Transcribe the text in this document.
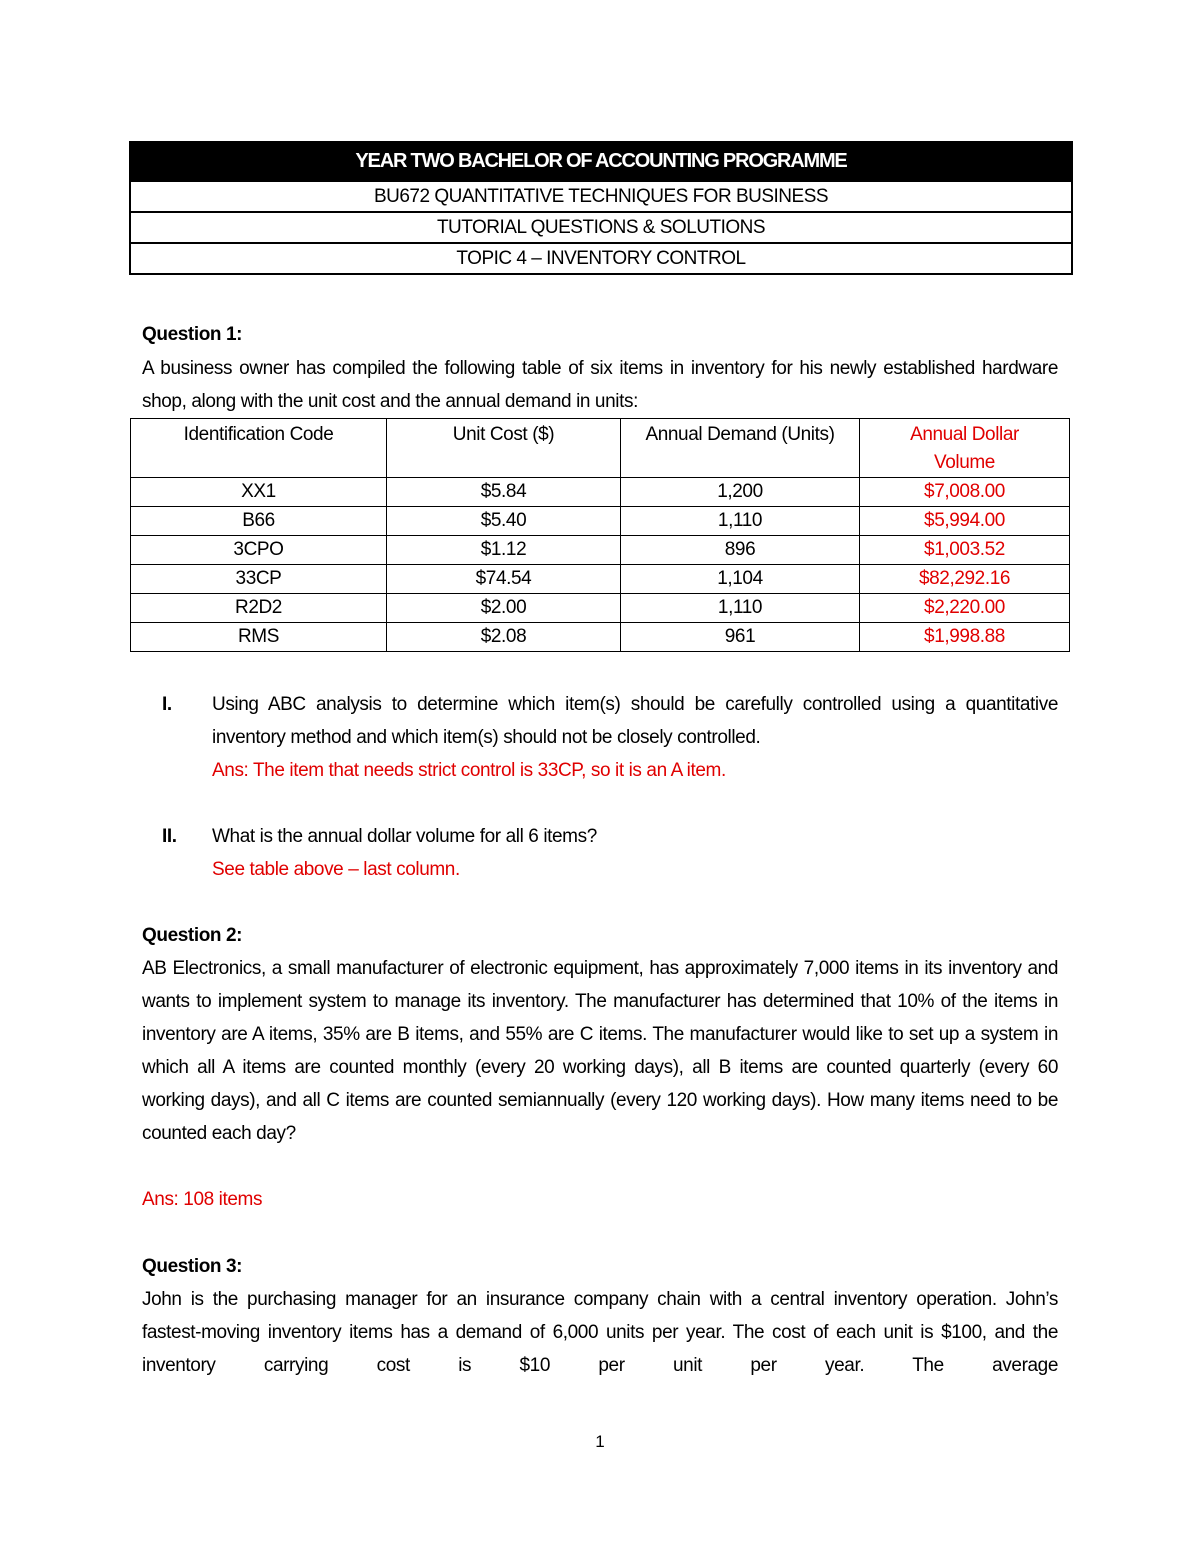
YEAR TWO BACHELOR OF ACCOUNTING PROGRAMME
BU672 QUANTITATIVE TECHNIQUES FOR BUSINESS
TUTORIAL QUESTIONS & SOLUTIONS
TOPIC 4 – INVENTORY CONTROL
Question 1:
A business owner has compiled the following table of six items in inventory for his newly established hardware shop, along with the unit cost and the annual demand in units:
Identification Code	Unit Cost ($)	Annual Demand (Units)	Annual Dollar Volume
XX1	$5.84	1,200	$7,008.00
B66	$5.40	1,110	$5,994.00
3CPO	$1.12	896	$1,003.52
33CP	$74.54	1,104	$82,292.16
R2D2	$2.00	1,110	$2,220.00
RMS	$2.08	961	$1,998.88
I.	Using ABC analysis to determine which item(s) should be carefully controlled using a quantitative inventory method and which item(s) should not be closely controlled.
Ans: The item that needs strict control is 33CP, so it is an A item.
II.	What is the annual dollar volume for all 6 items?
See table above – last column.
Question 2:
AB Electronics, a small manufacturer of electronic equipment, has approximately 7,000 items in its inventory and wants to implement system to manage its inventory. The manufacturer has determined that 10% of the items in inventory are A items, 35% are B items, and 55% are C items. The manufacturer would like to set up a system in which all A items are counted monthly (every 20 working days), all B items are counted quarterly (every 60 working days), and all C items are counted semiannually (every 120 working days). How many items need to be counted each day?
Ans: 108 items
Question 3:
John is the purchasing manager for an insurance company chain with a central inventory operation. John’s fastest-moving inventory items has a demand of 6,000 units per year. The cost of each unit is $100, and the inventory carrying cost is $10 per unit per year. The average
1
